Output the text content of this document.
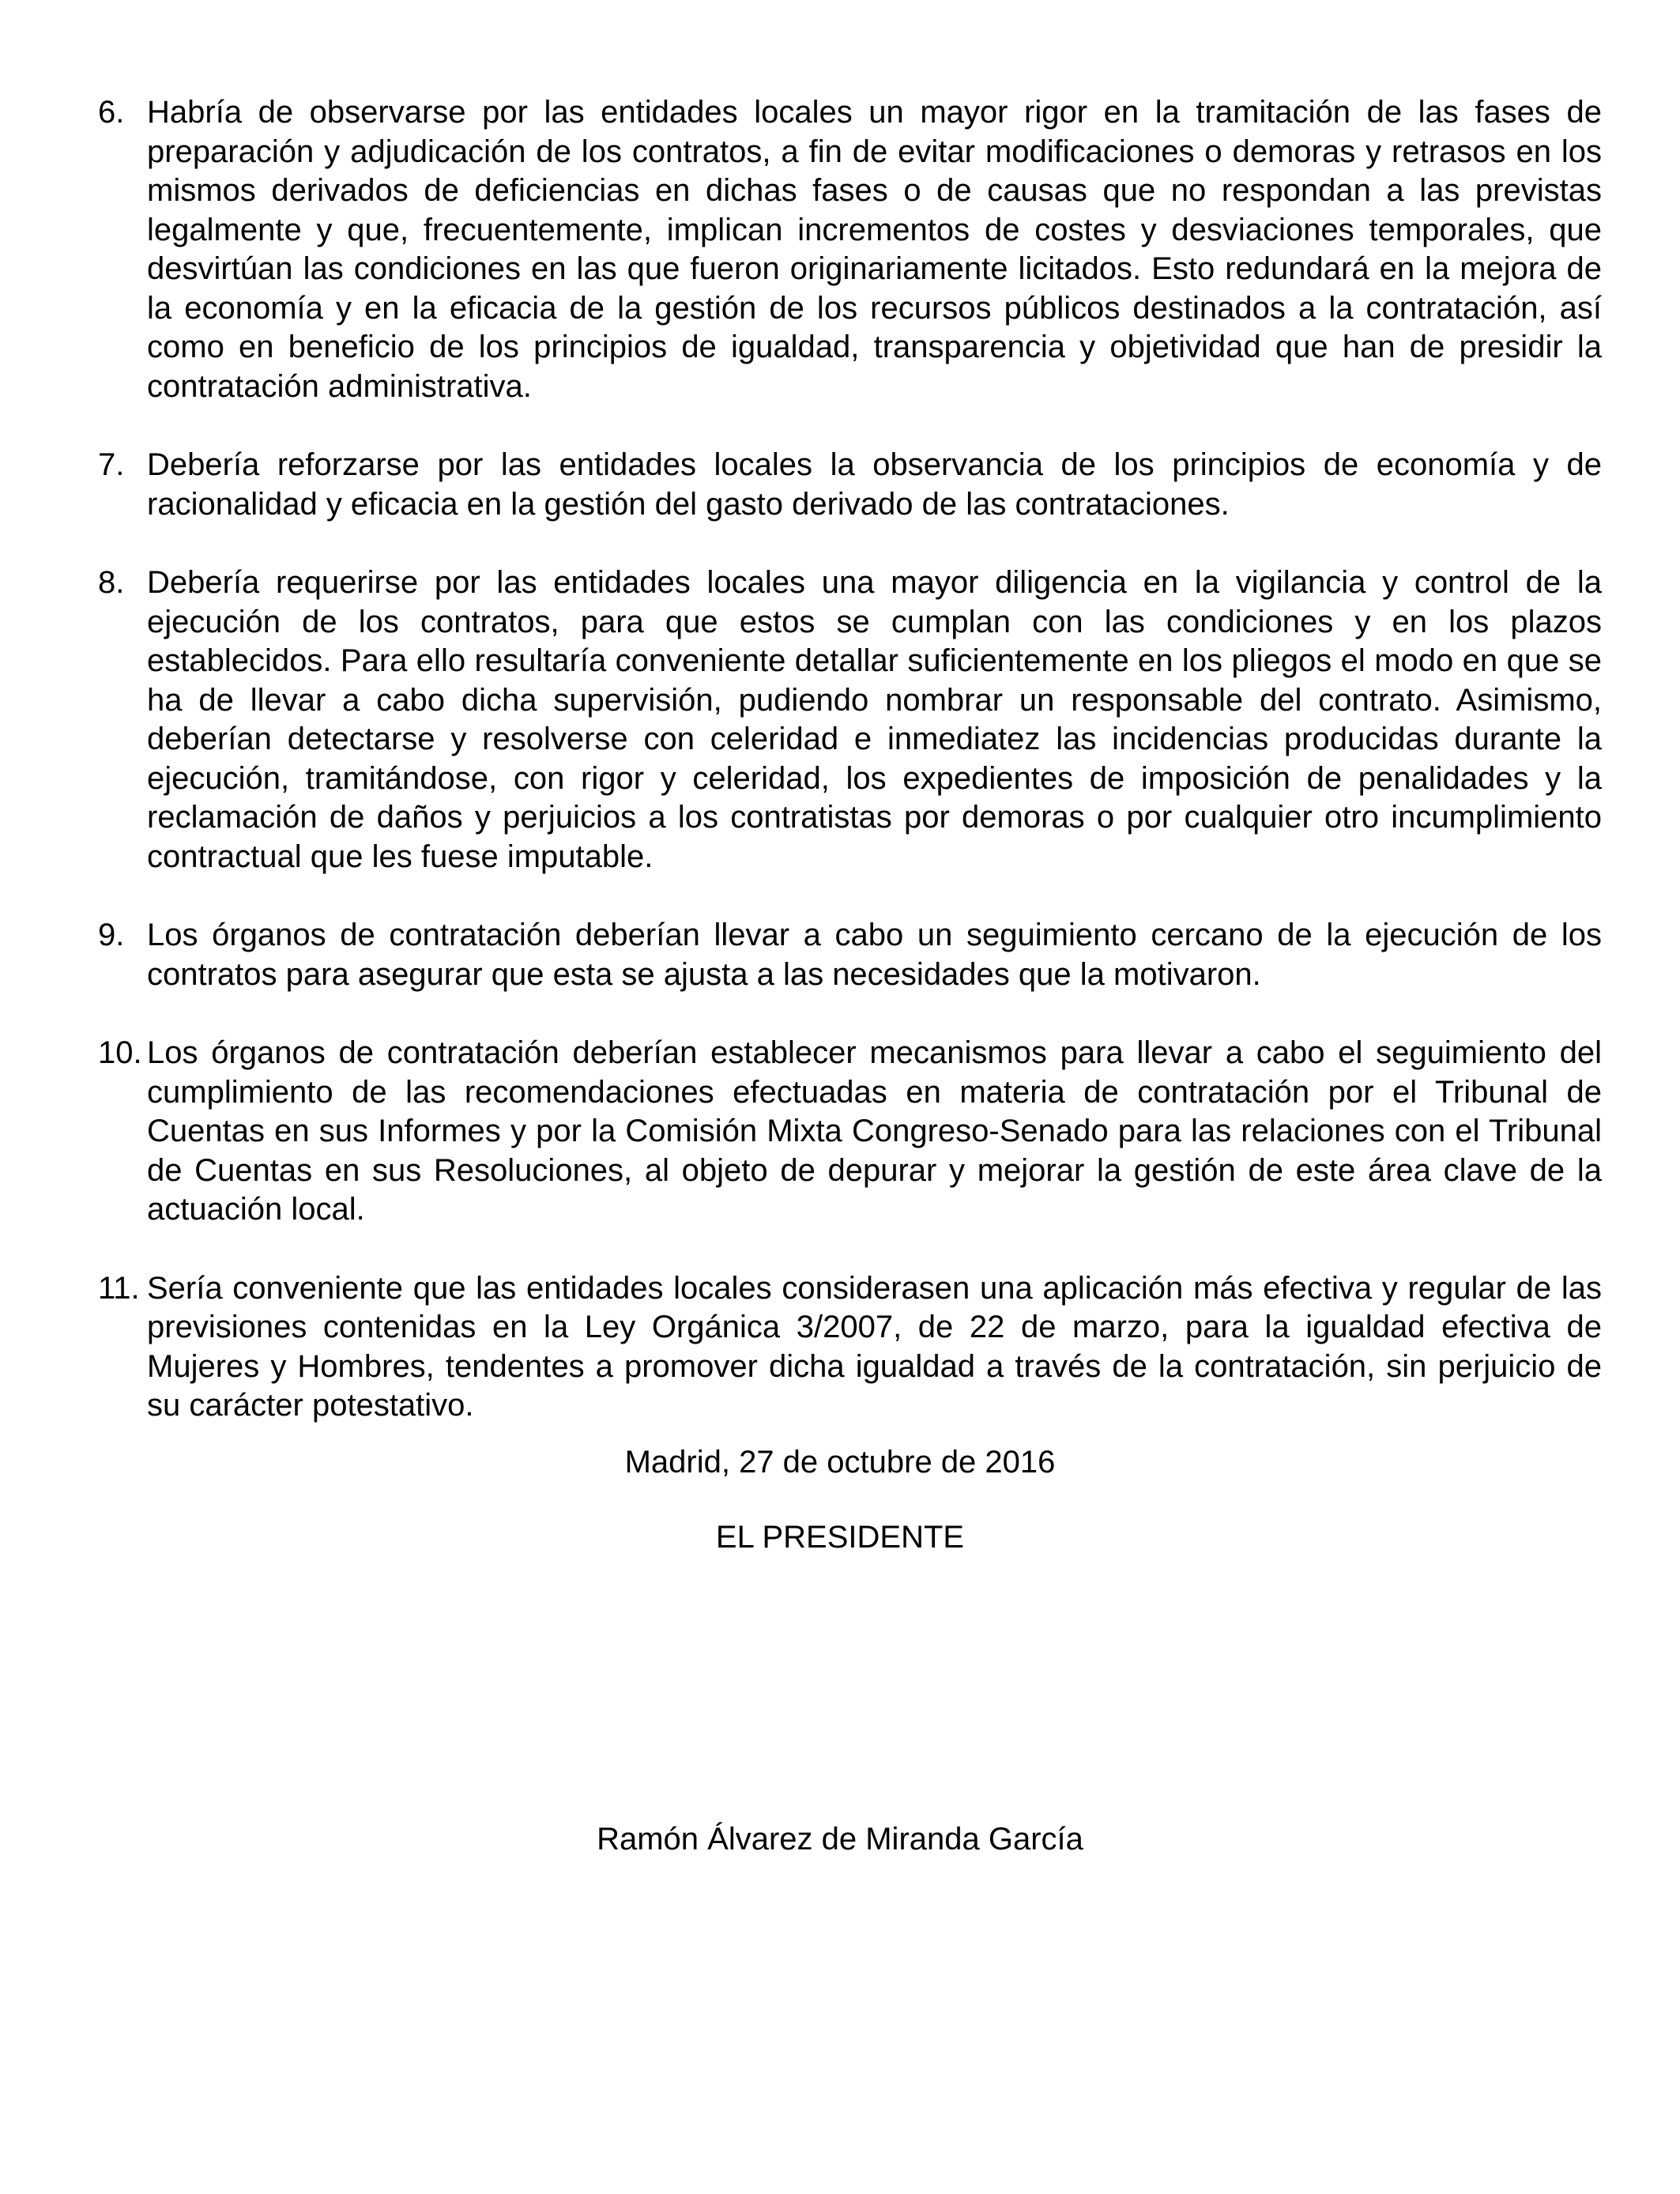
6. Habría de observarse por las entidades locales un mayor rigor en la tramitación de las fases de preparación y adjudicación de los contratos, a fin de evitar modificaciones o demoras y retrasos en los mismos derivados de deficiencias en dichas fases o de causas que no respondan a las previstas legalmente y que, frecuentemente, implican incrementos de costes y desviaciones temporales, que desvirtúan las condiciones en las que fueron originariamente licitados. Esto redundará en la mejora de la economía y en la eficacia de la gestión de los recursos públicos destinados a la contratación, así como en beneficio de los principios de igualdad, transparencia y objetividad que han de presidir la contratación administrativa.
7. Debería reforzarse por las entidades locales la observancia de los principios de economía y de racionalidad y eficacia en la gestión del gasto derivado de las contrataciones.
8. Debería requerirse por las entidades locales una mayor diligencia en la vigilancia y control de la ejecución de los contratos, para que estos se cumplan con las condiciones y en los plazos establecidos. Para ello resultaría conveniente detallar suficientemente en los pliegos el modo en que se ha de llevar a cabo dicha supervisión, pudiendo nombrar un responsable del contrato. Asimismo, deberían detectarse y resolverse con celeridad e inmediatez las incidencias producidas durante la ejecución, tramitándose, con rigor y celeridad, los expedientes de imposición de penalidades y la reclamación de daños y perjuicios a los contratistas por demoras o por cualquier otro incumplimiento contractual que les fuese imputable.
9. Los órganos de contratación deberían llevar a cabo un seguimiento cercano de la ejecución de los contratos para asegurar que esta se ajusta a las necesidades que la motivaron.
10. Los órganos de contratación deberían establecer mecanismos para llevar a cabo el seguimiento del cumplimiento de las recomendaciones efectuadas en materia de contratación por el Tribunal de Cuentas en sus Informes y por la Comisión Mixta Congreso-Senado para las relaciones con el Tribunal de Cuentas en sus Resoluciones, al objeto de depurar y mejorar la gestión de este área clave de la actuación local.
11. Sería conveniente que las entidades locales considerasen una aplicación más efectiva y regular de las previsiones contenidas en la Ley Orgánica 3/2007, de 22 de marzo, para la igualdad efectiva de Mujeres y Hombres, tendentes a promover dicha igualdad a través de la contratación, sin perjuicio de su carácter potestativo.
Madrid, 27 de octubre de 2016
EL PRESIDENTE
Ramón Álvarez de Miranda García
